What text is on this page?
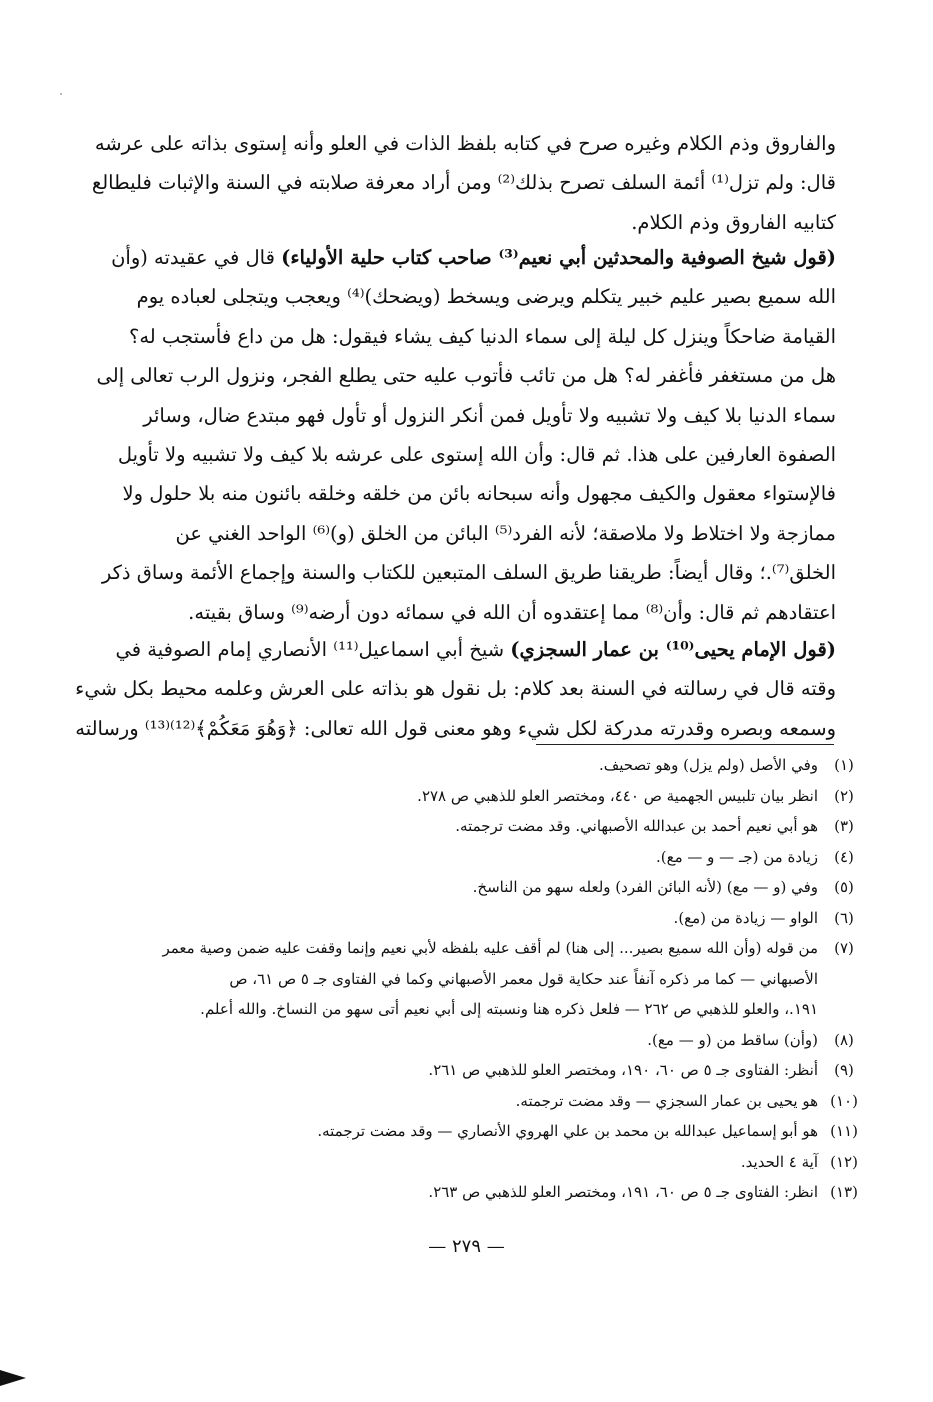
والفاروق وذم الكلام وغيره صرح في كتابه بلفظ الذات في العلو وأنه إستوى بذاته على عرشه
قال: ولم تزل⁽¹⁾ أئمة السلف تصرح بذلك⁽²⁾ ومن أراد معرفة صلابته في السنة والإثبات فليطالع
كتابيه الفاروق وذم الكلام.
(قول شيخ الصوفية والمحدثين أبي نعيم⁽³⁾ صاحب كتاب حلية الأولياء) قال في عقيدته (وأن
الله سميع بصير عليم خبير يتكلم ويرضى ويسخط (ويضحك)⁽⁴⁾ ويعجب ويتجلى لعباده يوم
القيامة ضاحكاً وينزل كل ليلة إلى سماء الدنيا كيف يشاء فيقول: هل من داع فأستجب له؟
هل من مستغفر فأغفر له؟ هل من تائب فأتوب عليه حتى يطلع الفجر، ونزول الرب تعالى إلى
سماء الدنيا بلا كيف ولا تشبيه ولا تأويل فمن أنكر النزول أو تأول فهو مبتدع ضال، وسائر
الصفوة العارفين على هذا. ثم قال: وأن الله إستوى على عرشه بلا كيف ولا تشبيه ولا تأويل
فالإستواء معقول والكيف مجهول وأنه سبحانه بائن من خلقه وخلقه بائنون منه بلا حلول ولا
ممازجة ولا اختلاط ولا ملاصقة؛ لأنه الفرد⁽⁵⁾ البائن من الخلق (و)⁽⁶⁾ الواحد الغني عن
الخلق⁽⁷⁾.؛ وقال أيضاً: طريقنا طريق السلف المتبعين للكتاب والسنة وإجماع الأئمة وساق ذكر
اعتقادهم ثم قال: وأن⁽⁸⁾ مما إعتقدوه أن الله في سمائه دون أرضه⁽⁹⁾ وساق بقيته.
(قول الإمام يحيى⁽¹⁰⁾ بن عمار السجزي) شيخ أبي اسماعيل⁽¹¹⁾ الأنصاري إمام الصوفية في
وقته قال في رسالته في السنة بعد كلام: بل نقول هو بذاته على العرش وعلمه محيط بكل شيء
وسمعه وبصره وقدرته مدركة لكل شيء وهو معنى قول الله تعالى: ﴿وَهُوَ مَعَكُمْ﴾⁽¹²⁾⁽¹³⁾ ورسالته
(١)
وفي الأصل (ولم يزل) وهو تصحيف.
(٢)
انظر بيان تلبيس الجهمية ص ٤٤٠، ومختصر العلو للذهبي ص ٢٧٨.
(٣)
هو أبي نعيم أحمد بن عبدالله الأصبهاني. وقد مضت ترجمته.
(٤)
زيادة من (جـ — و — مع).
(٥)
وفي (و — مع) (لأنه البائن الفرد) ولعله سهو من الناسخ.
(٦)
الواو — زيادة من (مع).
(٧)
من قوله (وأن الله سميع بصير... إلى هنا) لم أقف عليه بلفظه لأبي نعيم وإنما وقفت عليه ضمن وصية معمر
الأصبهاني — كما مر ذكره آنفاً عند حكاية قول معمر الأصبهاني وكما في الفتاوى جـ ٥ ص ٦١، ص
١٩١.، والعلو للذهبي ص ٢٦٢ — فلعل ذكره هنا ونسبته إلى أبي نعيم أتى سهو من النساخ. والله أعلم.
(٨)
(وأن) ساقط من (و — مع).
(٩)
أنظر: الفتاوى جـ ٥ ص ٦٠، ١٩٠، ومختصر العلو للذهبي ص ٢٦١.
(١٠)
هو يحيى بن عمار السجزي — وقد مضت ترجمته.
(١١)
هو أبو إسماعيل عبدالله بن محمد بن علي الهروي الأنصاري — وقد مضت ترجمته.
(١٢)
آية ٤ الحديد.
(١٣)
انظر: الفتاوى جـ ٥ ص ٦٠، ١٩١، ومختصر العلو للذهبي ص ٢٦٣.
— ٢٧٩ —
